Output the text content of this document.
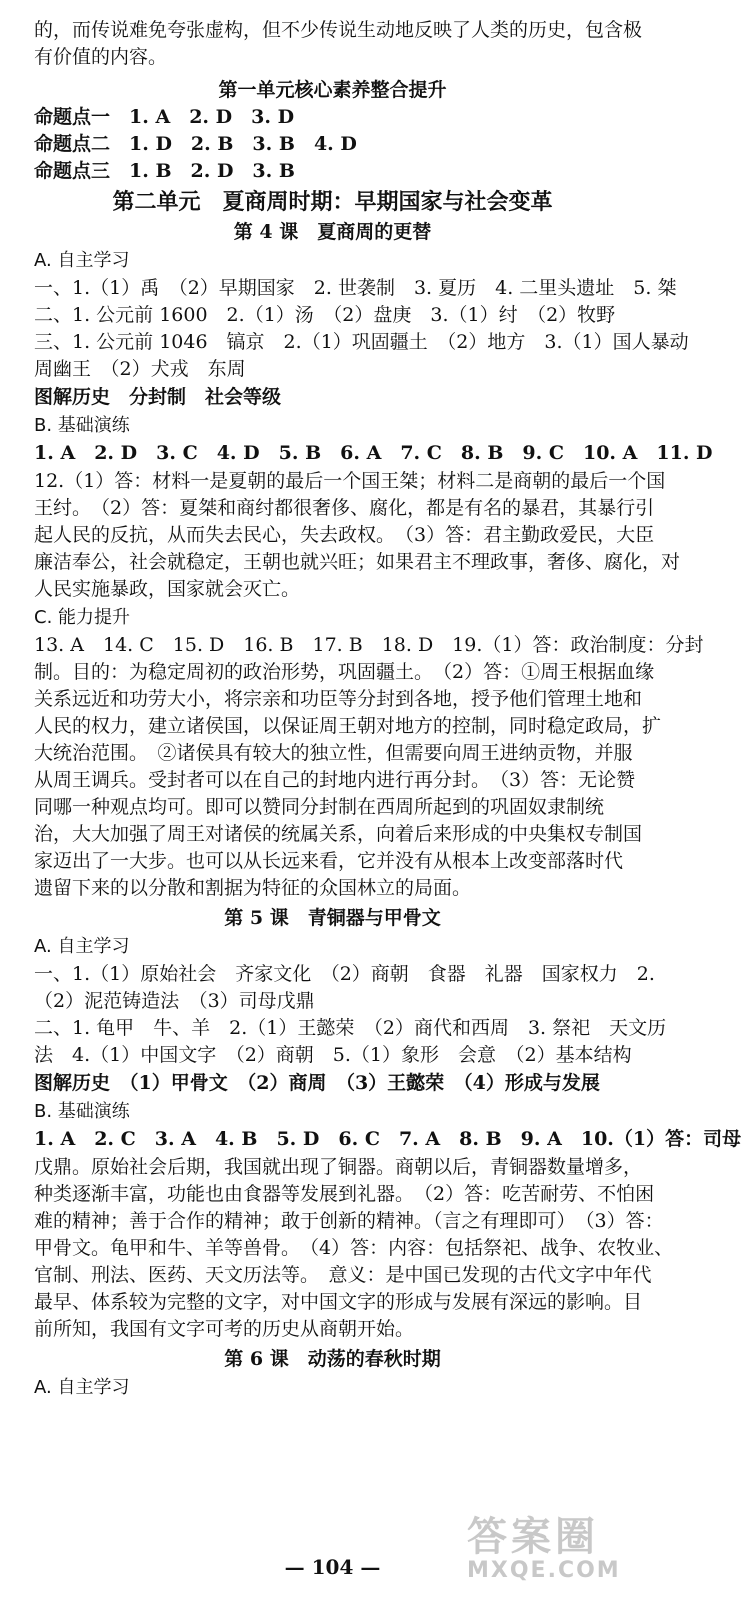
的，而传说难免夸张虚构，但不少传说生动地反映了人类的历史，包含极
有价值的内容。
第一单元核心素养整合提升
命题点一　1. A　2. D　3. D
命题点二　1. D　2. B　3. B　4. D
命题点三　1. B　2. D　3. B
第二单元　夏商周时期：早期国家与社会变革
第 4 课　夏商周的更替
A. 自主学习
一、1.（1）禹　（2）早期国家　2. 世袭制　3. 夏历　4. 二里头遗址　5. 桀
二、1. 公元前 1600　2.（1）汤　（2）盘庚　3.（1）纣　（2）牧野
三、1. 公元前 1046　镐京　2.（1）巩固疆土　（2）地方　3.（1）国人暴动
周幽王　（2）犬戎　东周
图解历史　分封制　社会等级
B. 基础演练
1. A　2. D　3. C　4. D　5. B　6. A　7. C　8. B　9. C　10. A　11. D
12.（1）答：材料一是夏朝的最后一个国王桀；材料二是商朝的最后一个国
王纣。　（2）答：夏桀和商纣都很奢侈、腐化，都是有名的暴君，其暴行引
起人民的反抗，从而失去民心，失去政权。　（3）答：君主勤政爱民，大臣
廉洁奉公，社会就稳定，王朝也就兴旺；如果君主不理政事，奢侈、腐化，对
人民实施暴政，国家就会灭亡。
C. 能力提升
13. A　14. C　15. D　16. B　17. B　18. D　19.（1）答：政治制度：分封
制。目的：为稳定周初的政治形势，巩固疆土。　（2）答：①周王根据血缘
关系远近和功劳大小，将宗亲和功臣等分封到各地，授予他们管理土地和
人民的权力，建立诸侯国，以保证周王朝对地方的控制，同时稳定政局，扩
大统治范围。　②诸侯具有较大的独立性，但需要向周王进纳贡物，并服
从周王调兵。受封者可以在自己的封地内进行再分封。　（3）答：无论赞
同哪一种观点均可。即可以赞同分封制在西周所起到的巩固奴隶制统
治，大大加强了周王对诸侯的统属关系，向着后来形成的中央集权专制国
家迈出了一大步。也可以从长远来看，它并没有从根本上改变部落时代
遗留下来的以分散和割据为特征的众国林立的局面。
第 5 课　青铜器与甲骨文
A. 自主学习
一、1.（1）原始社会　齐家文化　（2）商朝　食器　礼器　国家权力　2.
（2）泥范铸造法　（3）司母戊鼎
二、1. 龟甲　牛、羊　2.（1）王懿荣　（2）商代和西周　3. 祭祀　天文历
法　4.（1）中国文字　（2）商朝　5.（1）象形　会意　（2）基本结构
图解历史　（1）甲骨文　（2）商周　（3）王懿荣　（4）形成与发展
B. 基础演练
1. A　2. C　3. A　4. B　5. D　6. C　7. A　8. B　9. A　10.（1）答：司母
戊鼎。原始社会后期，我国就出现了铜器。商朝以后，青铜器数量增多，
种类逐渐丰富，功能也由食器等发展到礼器。　（2）答：吃苦耐劳、不怕困
难的精神；善于合作的精神；敢于创新的精神。（言之有理即可）　（3）答：
甲骨文。龟甲和牛、羊等兽骨。　（4）答：内容：包括祭祀、战争、农牧业、
官制、刑法、医药、天文历法等。　意义：是中国已发现的古代文字中年代
最早、体系较为完整的文字，对中国文字的形成与发展有深远的影响。目
前所知，我国有文字可考的历史从商朝开始。
第 6 课　动荡的春秋时期
A. 自主学习
— 104 —
答案圈
MXQE.COM
